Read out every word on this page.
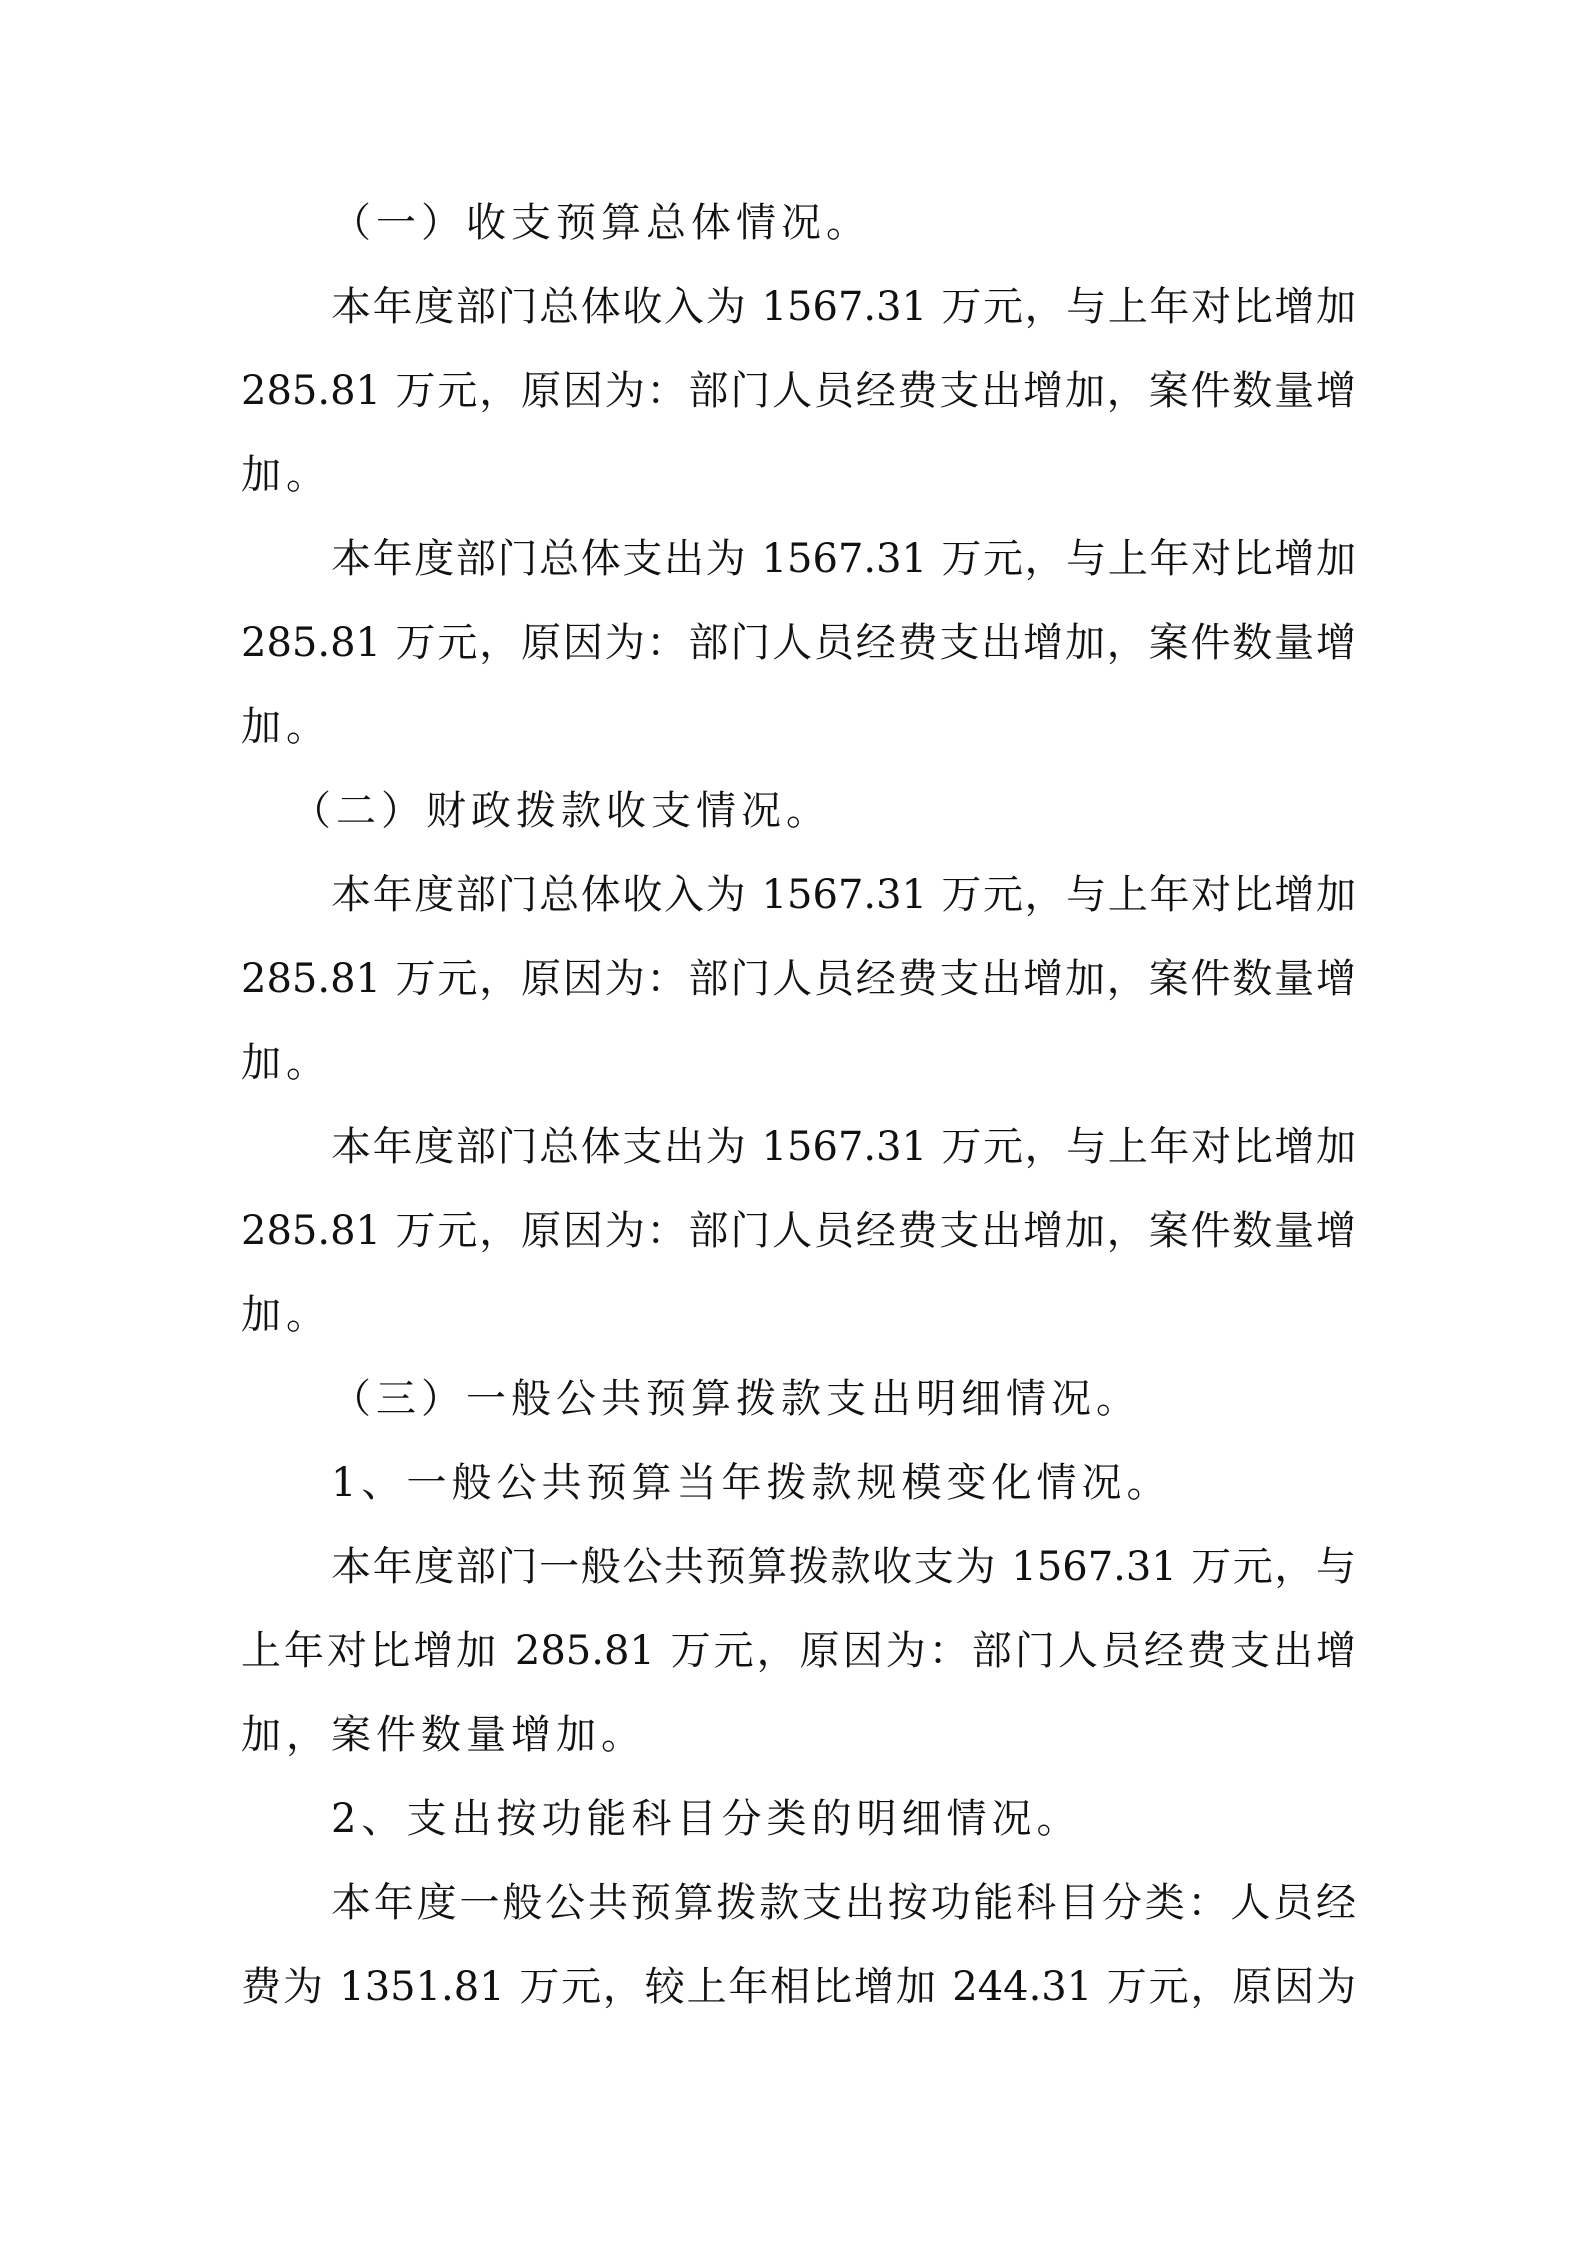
（一）收支预算总体情况。
本年度部门总体收入为 1567.31 万元，与上年对比增加
285.81 万元，原因为：部门人员经费支出增加，案件数量增
加。
本年度部门总体支出为 1567.31 万元，与上年对比增加
285.81 万元，原因为：部门人员经费支出增加，案件数量增
加。
（二）财政拨款收支情况。
本年度部门总体收入为 1567.31 万元，与上年对比增加
285.81 万元，原因为：部门人员经费支出增加，案件数量增
加。
本年度部门总体支出为 1567.31 万元，与上年对比增加
285.81 万元，原因为：部门人员经费支出增加，案件数量增
加。
（三）一般公共预算拨款支出明细情况。
1、一般公共预算当年拨款规模变化情况。
本年度部门一般公共预算拨款收支为 1567.31 万元，与
上年对比增加 285.81 万元，原因为：部门人员经费支出增
加，案件数量增加。
2、支出按功能科目分类的明细情况。
本年度一般公共预算拨款支出按功能科目分类：人员经
费为 1351.81 万元，较上年相比增加 244.31 万元，原因为
